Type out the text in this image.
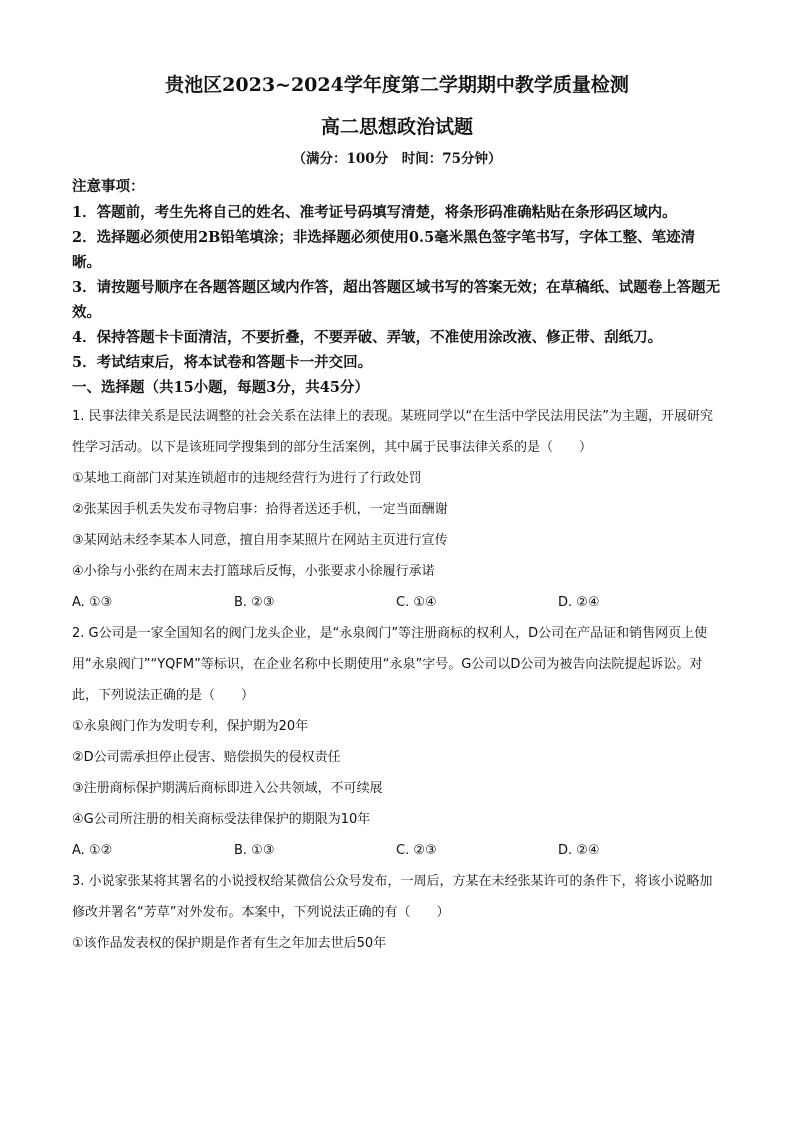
贵池区2023~2024学年度第二学期期中教学质量检测
高二思想政治试题
（满分：100分　时间：75分钟）
注意事项：

1．答题前，考生先将自己的姓名、准考证号码填写清楚，将条形码准确粘贴在条形码区域内。

2．选择题必须使用2B铅笔填涂；非选择题必须使用0.5毫米黑色签字笔书写，字体工整、笔迹清晰。

3．请按题号顺序在各题答题区域内作答，超出答题区域书写的答案无效；在草稿纸、试题卷上答题无效。

4．保持答题卡卡面清洁，不要折叠，不要弄破、弄皱，不准使用涂改液、修正带、刮纸刀。

5．考试结束后，将本试卷和答题卡一并交回。

一、选择题（共15小题，每题3分，共45分）

1. 民事法律关系是民法调整的社会关系在法律上的表现。某班同学以“在生活中学民法用民法”为主题，开展研究性学习活动。以下是该班同学搜集到的部分生活案例，其中属于民事法律关系的是（　　）

①某地工商部门对某连锁超市的违规经营行为进行了行政处罚

②张某因手机丢失发布寻物启事：拾得者送还手机，一定当面酬谢

③某网站未经李某本人同意，擅自用李某照片在网站主页进行宣传

④小徐与小张约在周末去打篮球后反悔，小张要求小徐履行承诺

A. ①③	B. ②③	C. ①④	D. ②④

2. G公司是一家全国知名的阀门龙头企业，是“永泉阀门”等注册商标的权利人，D公司在产品证和销售网页上使用“永泉阀门”“YQFM”等标识，在企业名称中长期使用“永泉”字号。G公司以D公司为被告向法院提起诉讼。对此，下列说法正确的是（　　）

①永泉阀门作为发明专利，保护期为20年

②D公司需承担停止侵害、赔偿损失的侵权责任

③注册商标保护期满后商标即进入公共领域，不可续展

④G公司所注册的相关商标受法律保护的期限为10年

A. ①②	B. ①③	C. ②③	D. ②④

3. 小说家张某将其署名的小说授权给某微信公众号发布，一周后，方某在未经张某许可的条件下，将该小说略加修改并署名“芳草”对外发布。本案中，下列说法正确的有（　　）

①该作品发表权的保护期是作者有生之年加去世后50年
